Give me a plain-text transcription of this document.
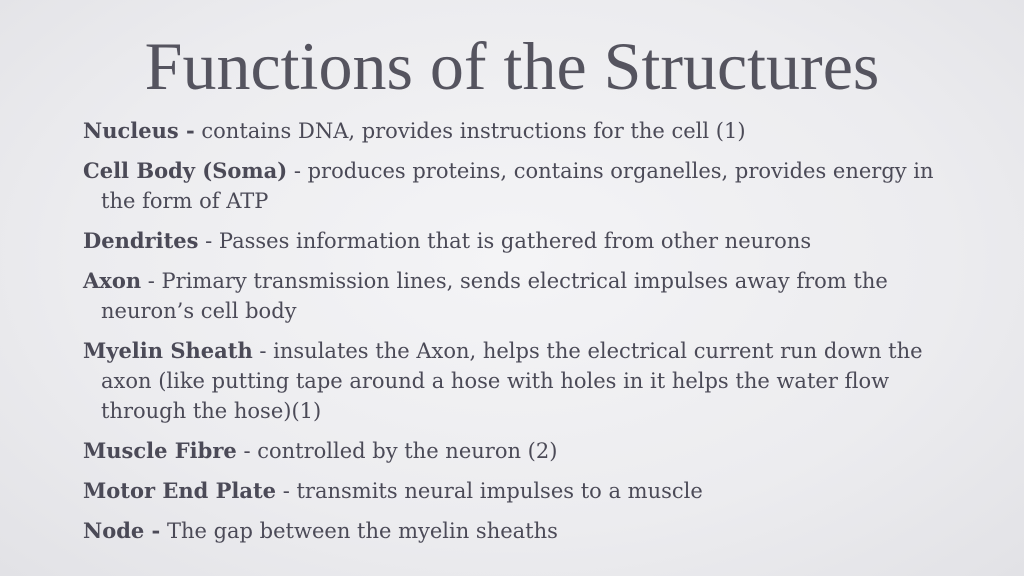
Functions of the Structures
Nucleus - contains DNA, provides instructions for the cell (1)
Cell Body (Soma) - produces proteins, contains organelles, provides energy in the form of ATP
Dendrites - Passes information that is gathered from other neurons
Axon - Primary transmission lines, sends electrical impulses away from the neuron’s cell body
Myelin Sheath - insulates the Axon, helps the electrical current run down the axon (like putting tape around a hose with holes in it helps the water flow through the hose)(1)
Muscle Fibre - controlled by the neuron (2)
Motor End Plate - transmits neural impulses to a muscle
Node - The gap between the myelin sheaths
